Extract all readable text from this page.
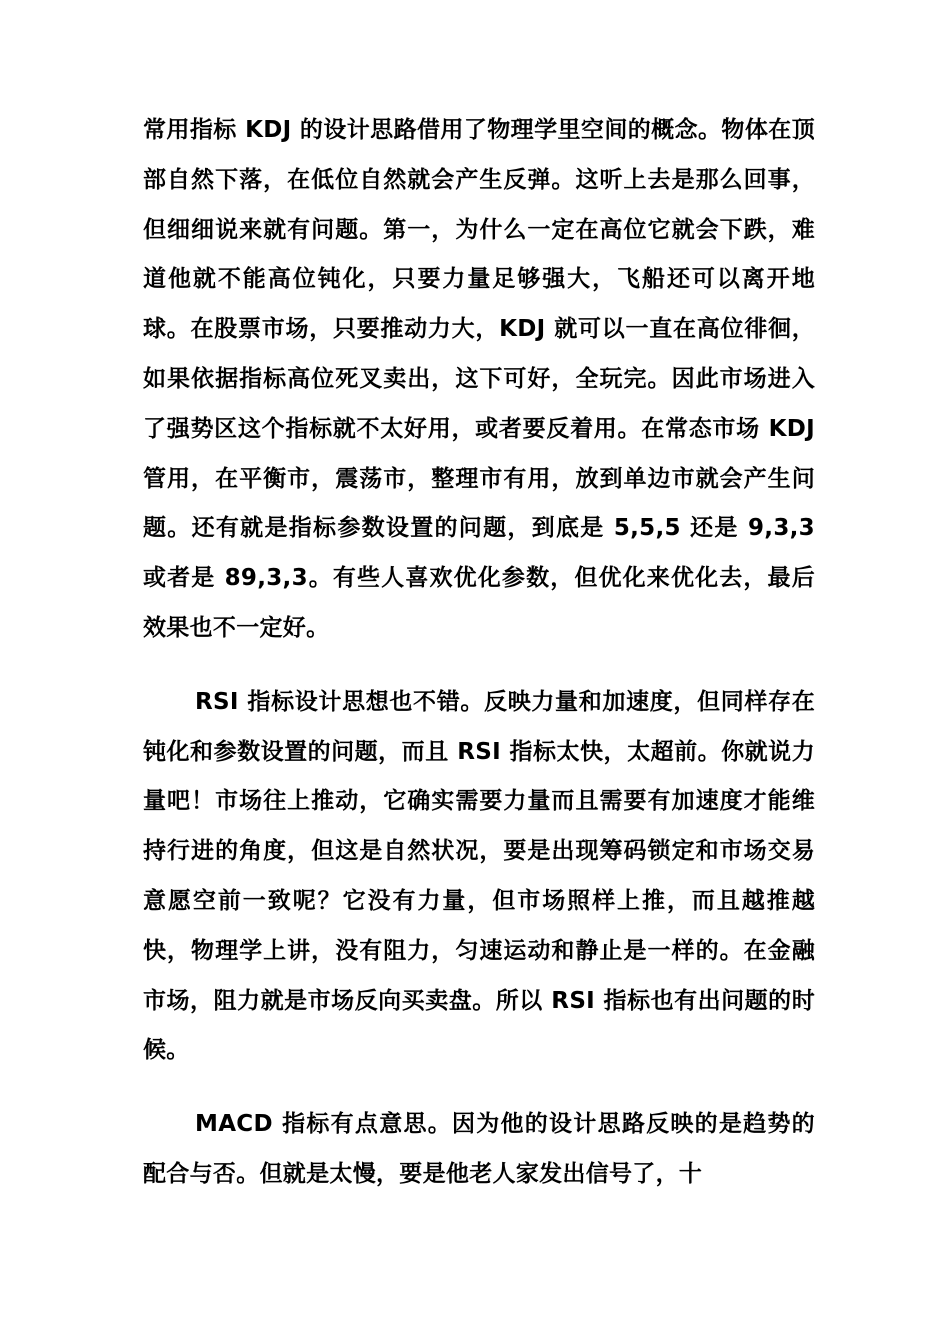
常用指标 KDJ 的设计思路借用了物理学里空间的概念。物体在顶部自然下落，在低位自然就会产生反弹。这听上去是那么回事，但细细说来就有问题。第一，为什么一定在高位它就会下跌，难道他就不能高位钝化，只要力量足够强大，飞船还可以离开地球。在股票市场，只要推动力大，KDJ 就可以一直在高位徘徊，如果依据指标高位死叉卖出，这下可好，全玩完。因此市场进入了强势区这个指标就不太好用，或者要反着用。在常态市场 KDJ 管用，在平衡市，震荡市，整理市有用，放到单边市就会产生问题。还有就是指标参数设置的问题，到底是 5,5,5 还是 9,3,3 或者是 89,3,3。有些人喜欢优化参数，但优化来优化去，最后效果也不一定好。

RSI 指标设计思想也不错。反映力量和加速度，但同样存在钝化和参数设置的问题，而且 RSI 指标太快，太超前。你就说力量吧！市场往上推动，它确实需要力量而且需要有加速度才能维持行进的角度，但这是自然状况，要是出现筹码锁定和市场交易意愿空前一致呢？它没有力量，但市场照样上推，而且越推越快，物理学上讲，没有阻力，匀速运动和静止是一样的。在金融市场，阻力就是市场反向买卖盘。所以 RSI 指标也有出问题的时候。

MACD 指标有点意思。因为他的设计思路反映的是趋势的配合与否。但就是太慢，要是他老人家发出信号了，十
